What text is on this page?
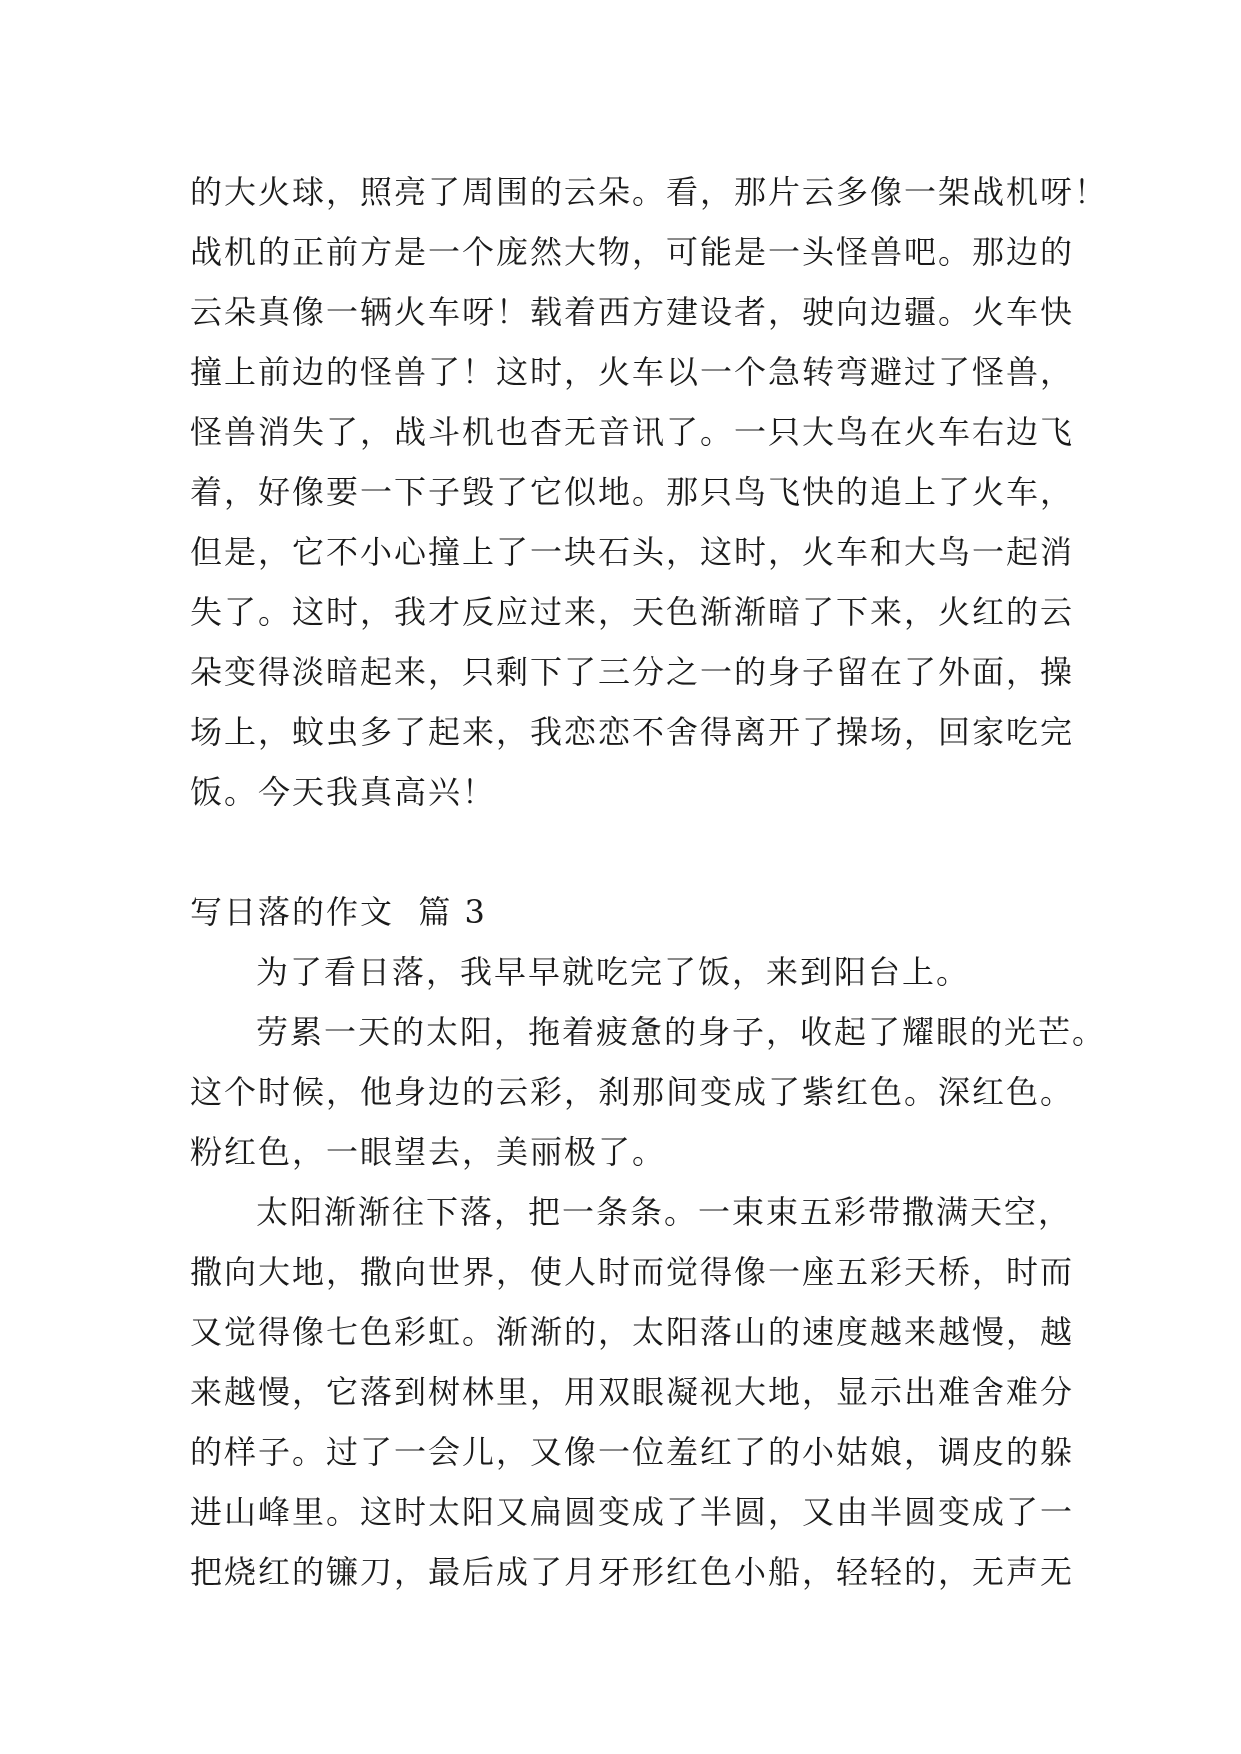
的大火球，照亮了周围的云朵。看，那片云多像一架战机呀！
战机的正前方是一个庞然大物，可能是一头怪兽吧。那边的
云朵真像一辆火车呀！载着西方建设者，驶向边疆。火车快
撞上前边的怪兽了！这时，火车以一个急转弯避过了怪兽，
怪兽消失了，战斗机也杳无音讯了。一只大鸟在火车右边飞
着，好像要一下子毁了它似地。那只鸟飞快的追上了火车，
但是，它不小心撞上了一块石头，这时，火车和大鸟一起消
失了。这时，我才反应过来，天色渐渐暗了下来，火红的云
朵变得淡暗起来，只剩下了三分之一的身子留在了外面，操
场上，蚊虫多了起来，我恋恋不舍得离开了操场，回家吃完
饭。今天我真高兴！
写日落的作文  篇 3
为了看日落，我早早就吃完了饭，来到阳台上。
劳累一天的太阳，拖着疲惫的身子，收起了耀眼的光芒。
这个时候，他身边的云彩，刹那间变成了紫红色。深红色。
粉红色，一眼望去，美丽极了。
太阳渐渐往下落，把一条条。一束束五彩带撒满天空，
撒向大地，撒向世界，使人时而觉得像一座五彩天桥，时而
又觉得像七色彩虹。渐渐的，太阳落山的速度越来越慢，越
来越慢，它落到树林里，用双眼凝视大地，显示出难舍难分
的样子。过了一会儿，又像一位羞红了的小姑娘，调皮的躲
进山峰里。这时太阳又扁圆变成了半圆，又由半圆变成了一
把烧红的镰刀，最后成了月牙形红色小船，轻轻的，无声无
